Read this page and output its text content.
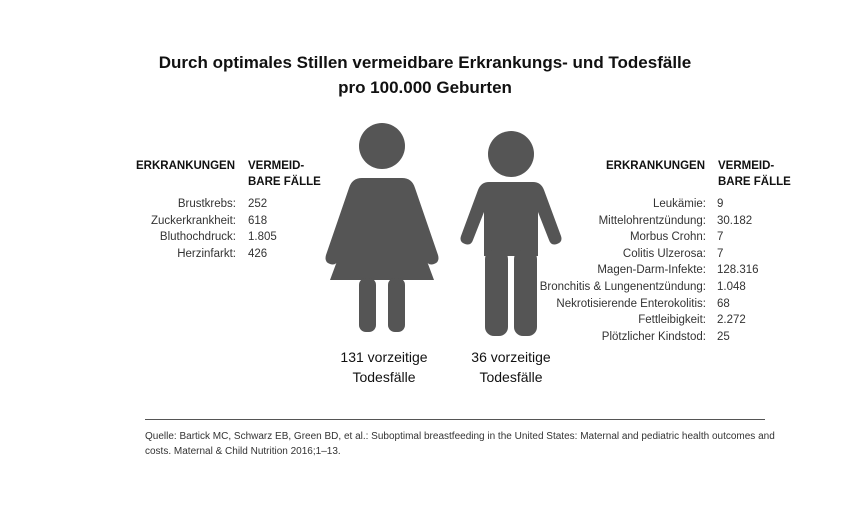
Durch optimales Stillen vermeidbare Erkrankungs- und Todesfälle
pro 100.000 Geburten
ERKRANKUNGEN VERMEID-
BARE FÄLLE
Brustkrebs: 252
Zuckerkrankheit: 618
Bluthochdruck: 1.805
Herzinfarkt: 426
131 vorzeitige
Todesfälle
36 vorzeitige
Todesfälle
ERKRANKUNGEN VERMEID-
BARE FÄLLE
Leukämie: 9
Mittelohrentzündung: 30.182
Morbus Crohn: 7
Colitis Ulzerosa: 7
Magen-Darm-Infekte: 128.316
Bronchitis & Lungenentzündung: 1.048
Nekrotisierende Enterokolitis: 68
Fettleibigkeit: 2.272
Plötzlicher Kindstod: 25
Quelle: Bartick MC, Schwarz EB, Green BD, et al.: Suboptimal breastfeeding in the United States: Maternal and pediatric health outcomes and costs. Maternal & Child Nutrition 2016;1–13.
